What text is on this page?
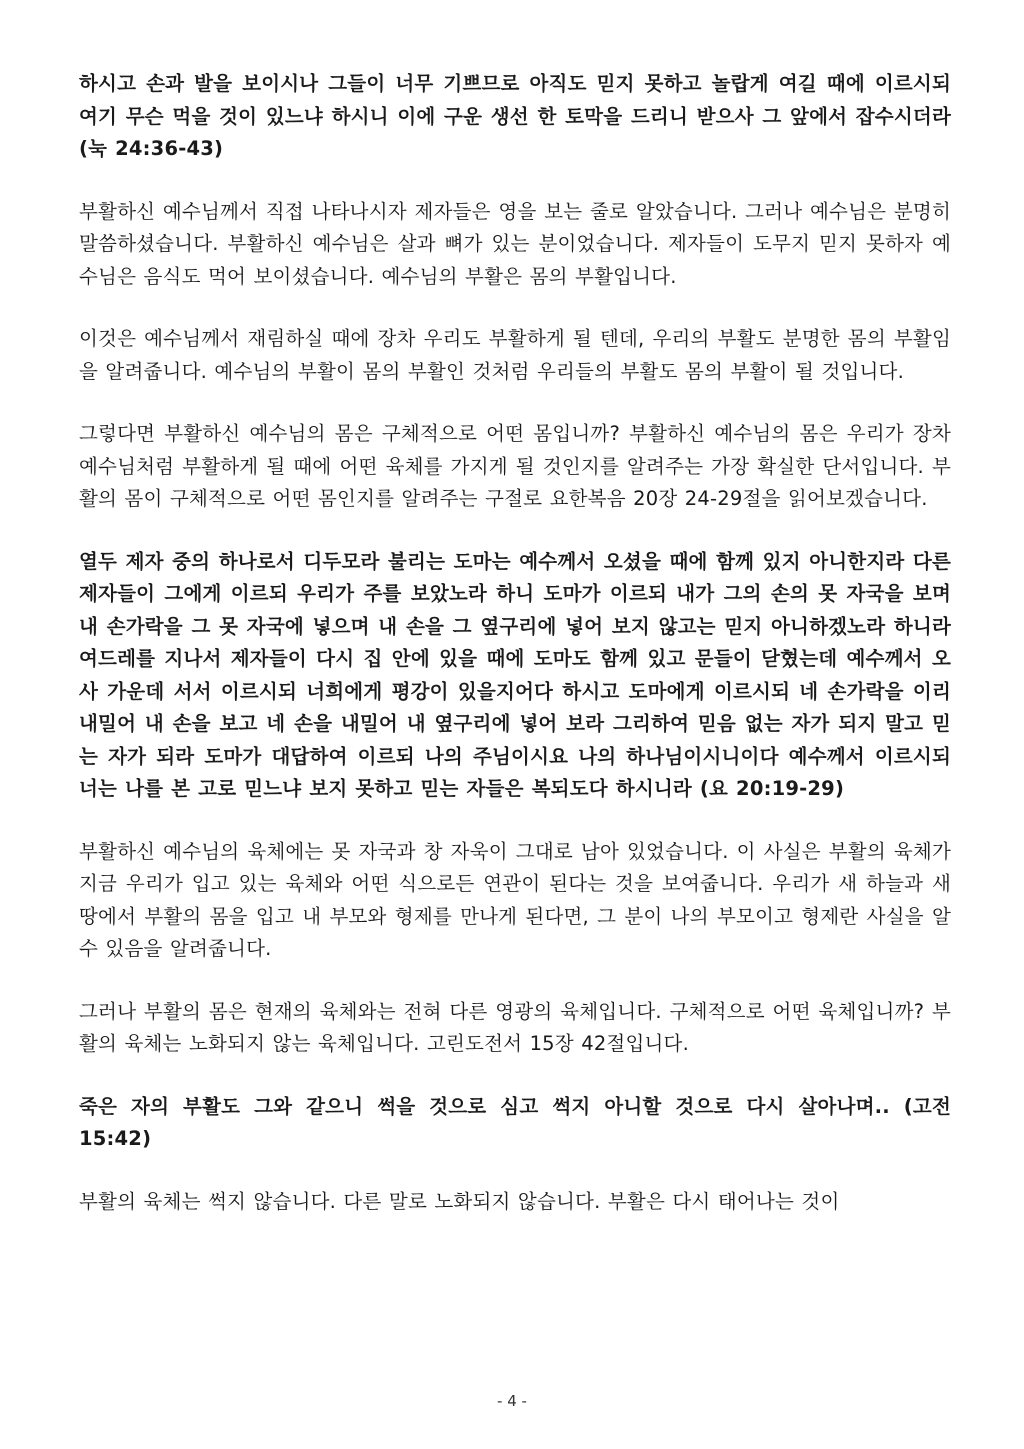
하시고 손과 발을 보이시나 그들이 너무 기쁘므로 아직도 믿지 못하고 놀랍게 여길 때에 이르시되 여기 무슨 먹을 것이 있느냐 하시니 이에 구운 생선 한 토막을 드리니 받으사 그 앞에서 잡수시더라 (눅 24:36-43)

부활하신 예수님께서 직접 나타나시자 제자들은 영을 보는 줄로 알았습니다. 그러나 예수님은 분명히 말씀하셨습니다. 부활하신 예수님은 살과 뼈가 있는 분이었습니다. 제자들이 도무지 믿지 못하자 예수님은 음식도 먹어 보이셨습니다. 예수님의 부활은 몸의 부활입니다.

이것은 예수님께서 재림하실 때에 장차 우리도 부활하게 될 텐데, 우리의 부활도 분명한 몸의 부활임을 알려줍니다. 예수님의 부활이 몸의 부활인 것처럼 우리들의 부활도 몸의 부활이 될 것입니다.

그렇다면 부활하신 예수님의 몸은 구체적으로 어떤 몸입니까? 부활하신 예수님의 몸은 우리가 장차 예수님처럼 부활하게 될 때에 어떤 육체를 가지게 될 것인지를 알려주는 가장 확실한 단서입니다. 부활의 몸이 구체적으로 어떤 몸인지를 알려주는 구절로 요한복음 20장 24-29절을 읽어보겠습니다.

열두 제자 중의 하나로서 디두모라 불리는 도마는 예수께서 오셨을 때에 함께 있지 아니한지라 다른 제자들이 그에게 이르되 우리가 주를 보았노라 하니 도마가 이르되 내가 그의 손의 못 자국을 보며 내 손가락을 그 못 자국에 넣으며 내 손을 그 옆구리에 넣어 보지 않고는 믿지 아니하겠노라 하니라 여드레를 지나서 제자들이 다시 집 안에 있을 때에 도마도 함께 있고 문들이 닫혔는데 예수께서 오사 가운데 서서 이르시되 너희에게 평강이 있을지어다 하시고 도마에게 이르시되 네 손가락을 이리 내밀어 내 손을 보고 네 손을 내밀어 내 옆구리에 넣어 보라 그리하여 믿음 없는 자가 되지 말고 믿는 자가 되라 도마가 대답하여 이르되 나의 주님이시요 나의 하나님이시니이다 예수께서 이르시되 너는 나를 본 고로 믿느냐 보지 못하고 믿는 자들은 복되도다 하시니라 (요 20:19-29)

부활하신 예수님의 육체에는 못 자국과 창 자욱이 그대로 남아 있었습니다. 이 사실은 부활의 육체가 지금 우리가 입고 있는 육체와 어떤 식으로든 연관이 된다는 것을 보여줍니다. 우리가 새 하늘과 새 땅에서 부활의 몸을 입고 내 부모와 형제를 만나게 된다면, 그 분이 나의 부모이고 형제란 사실을 알 수 있음을 알려줍니다.

그러나 부활의 몸은 현재의 육체와는 전혀 다른 영광의 육체입니다. 구체적으로 어떤 육체입니까? 부활의 육체는 노화되지 않는 육체입니다. 고린도전서 15장 42절입니다.

죽은 자의 부활도 그와 같으니 썩을 것으로 심고 썩지 아니할 것으로 다시 살아나며.. (고전 15:42)

부활의 육체는 썩지 않습니다. 다른 말로 노화되지 않습니다. 부활은 다시 태어나는 것이

- 4 -
